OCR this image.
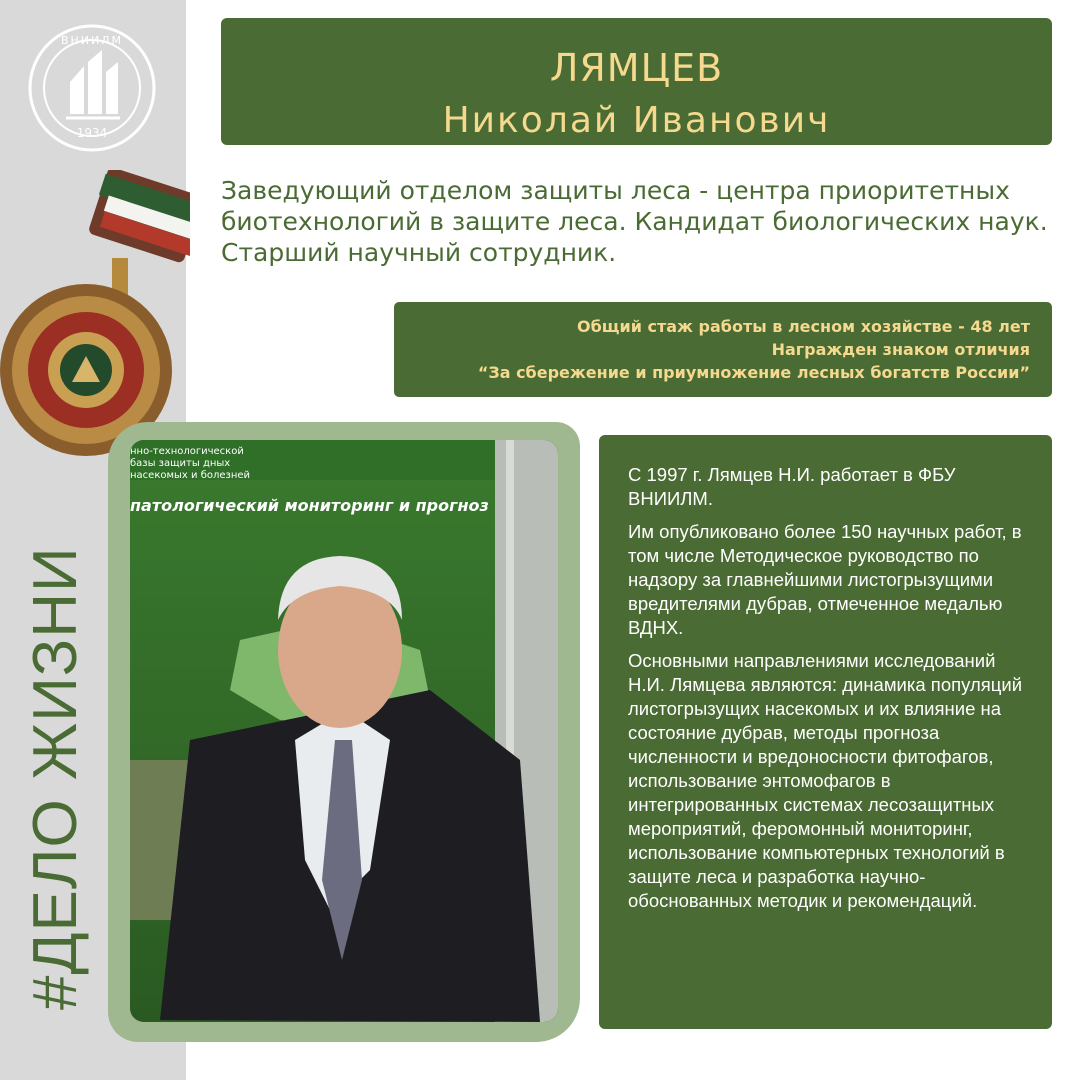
ВНИИЛМ
1934
#ДЕЛО ЖИЗНИ
ЛЯМЦЕВ
Николай Иванович
Заведующий отделом защиты леса - центра приоритетных биотехнологий в защите леса. Кандидат биологических наук. Старший научный сотрудник.
Общий стаж работы в лесном хозяйстве - 48 лет
Награжден знаком отличия
“За сбережение и приумножение лесных богатств России”
патологический мониторинг и прогноз
нно-технологической базы защиты дных насекомых и болезней	С 1997 г. Лямцев Н.И. работает в ФБУ ВНИИЛМ.

Им опубликовано более 150 научных работ, в том числе Методическое руководство по надзору за главнейшими листогрызущими вредителями дубрав, отмеченное медалью ВДНХ.

Основными направлениями исследований Н.И. Лямцева являются: динамика популяций листогрызущих насекомых и их влияние на состояние дубрав, методы прогноза численности и вредоносности фитофагов, использование энтомофагов в интегрированных системах лесозащитных мероприятий, феромонный мониторинг, использование компьютерных технологий в защите леса и разработка научно-обоснованных методик и рекомендаций.
